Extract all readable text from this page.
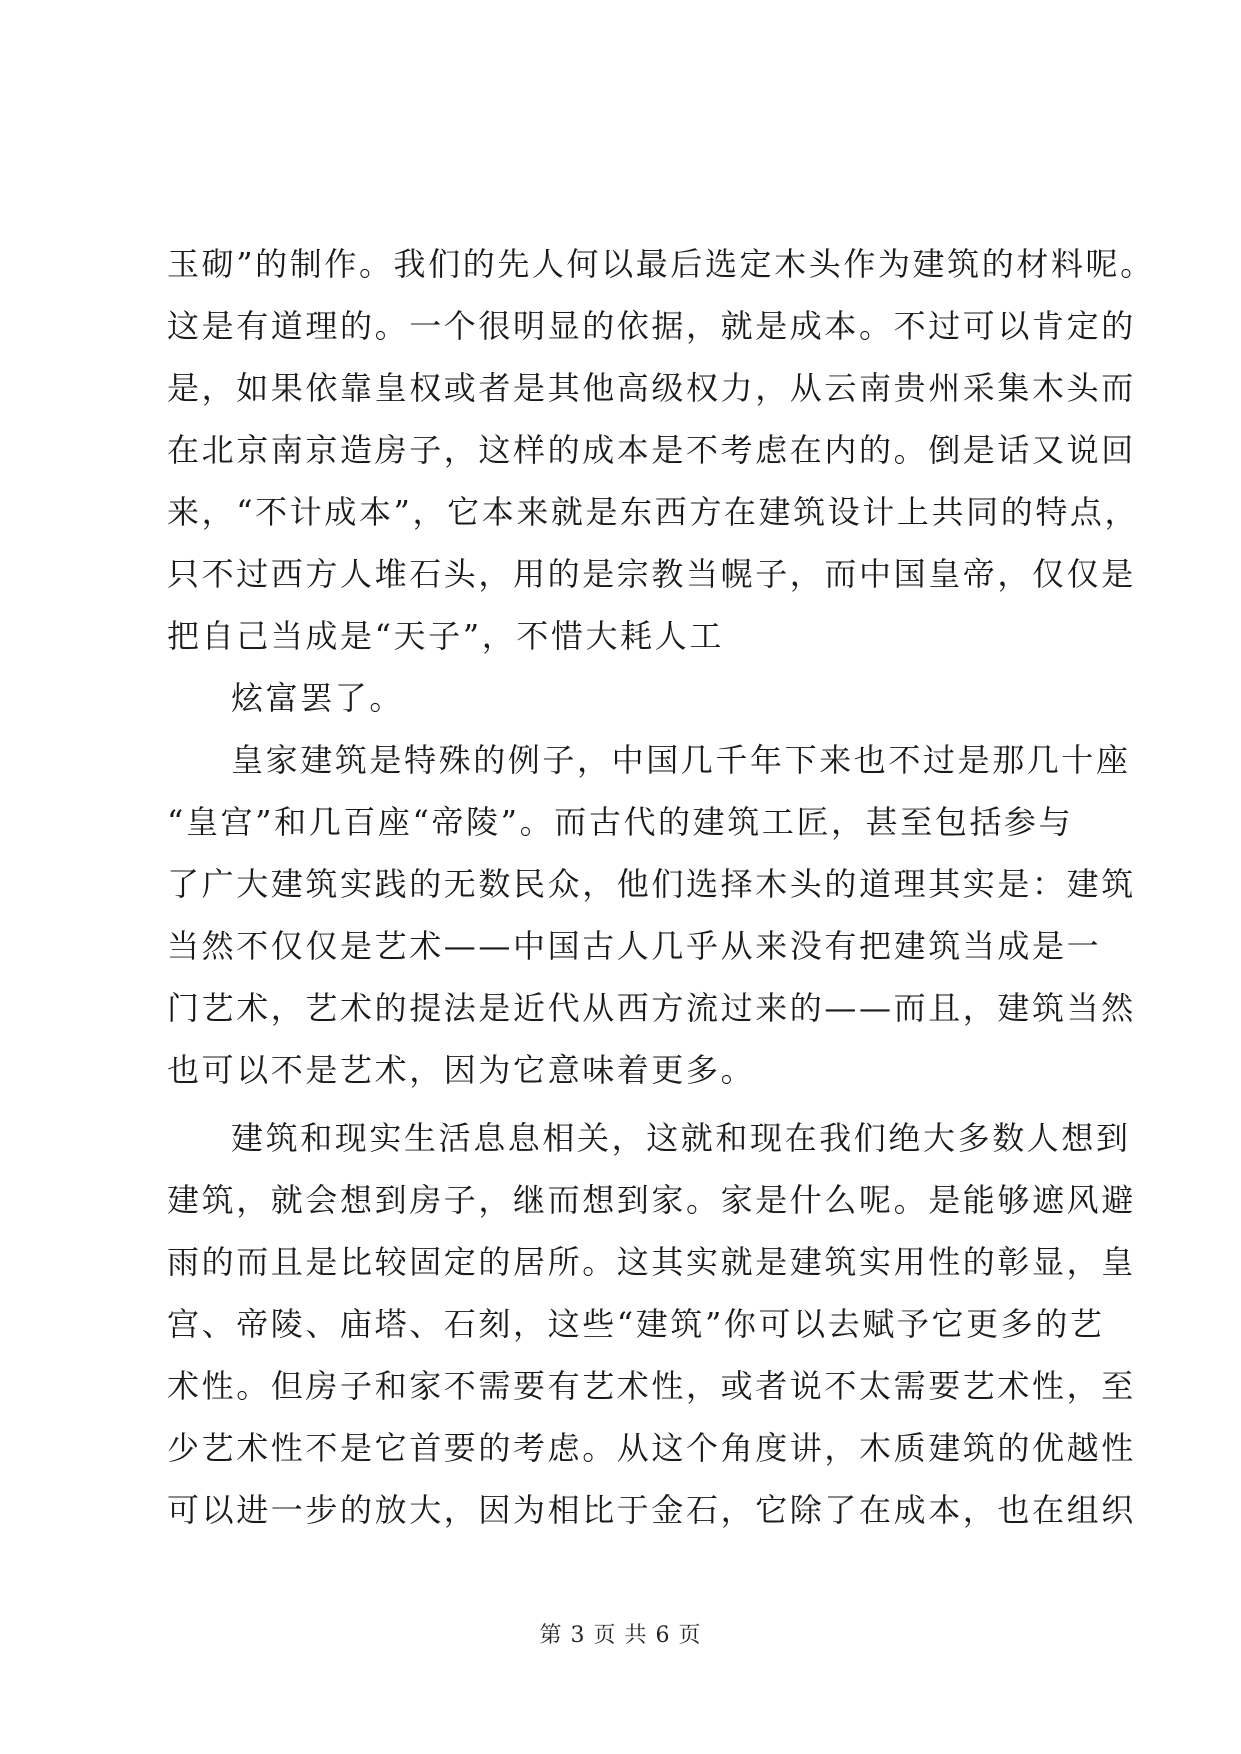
玉砌”的制作。我们的先人何以最后选定木头作为建筑的材料呢。
这是有道理的。一个很明显的依据，就是成本。不过可以肯定的
是，如果依靠皇权或者是其他高级权力，从云南贵州采集木头而
在北京南京造房子，这样的成本是不考虑在内的。倒是话又说回
来，“不计成本”，它本来就是东西方在建筑设计上共同的特点，
只不过西方人堆石头，用的是宗教当幌子，而中国皇帝，仅仅是
把自己当成是“天子”，不惜大耗人工
炫富罢了。
皇家建筑是特殊的例子，中国几千年下来也不过是那几十座
“皇宫”和几百座“帝陵”。而古代的建筑工匠，甚至包括参与
了广大建筑实践的无数民众，他们选择木头的道理其实是：建筑
当然不仅仅是艺术——中国古人几乎从来没有把建筑当成是一
门艺术，艺术的提法是近代从西方流过来的——而且，建筑当然
也可以不是艺术，因为它意味着更多。
建筑和现实生活息息相关，这就和现在我们绝大多数人想到
建筑，就会想到房子，继而想到家。家是什么呢。是能够遮风避
雨的而且是比较固定的居所。这其实就是建筑实用性的彰显，皇
宫、帝陵、庙塔、石刻，这些“建筑”你可以去赋予它更多的艺
术性。但房子和家不需要有艺术性，或者说不太需要艺术性，至
少艺术性不是它首要的考虑。从这个角度讲，木质建筑的优越性
可以进一步的放大，因为相比于金石，它除了在成本，也在组织
第 3 页 共 6 页
